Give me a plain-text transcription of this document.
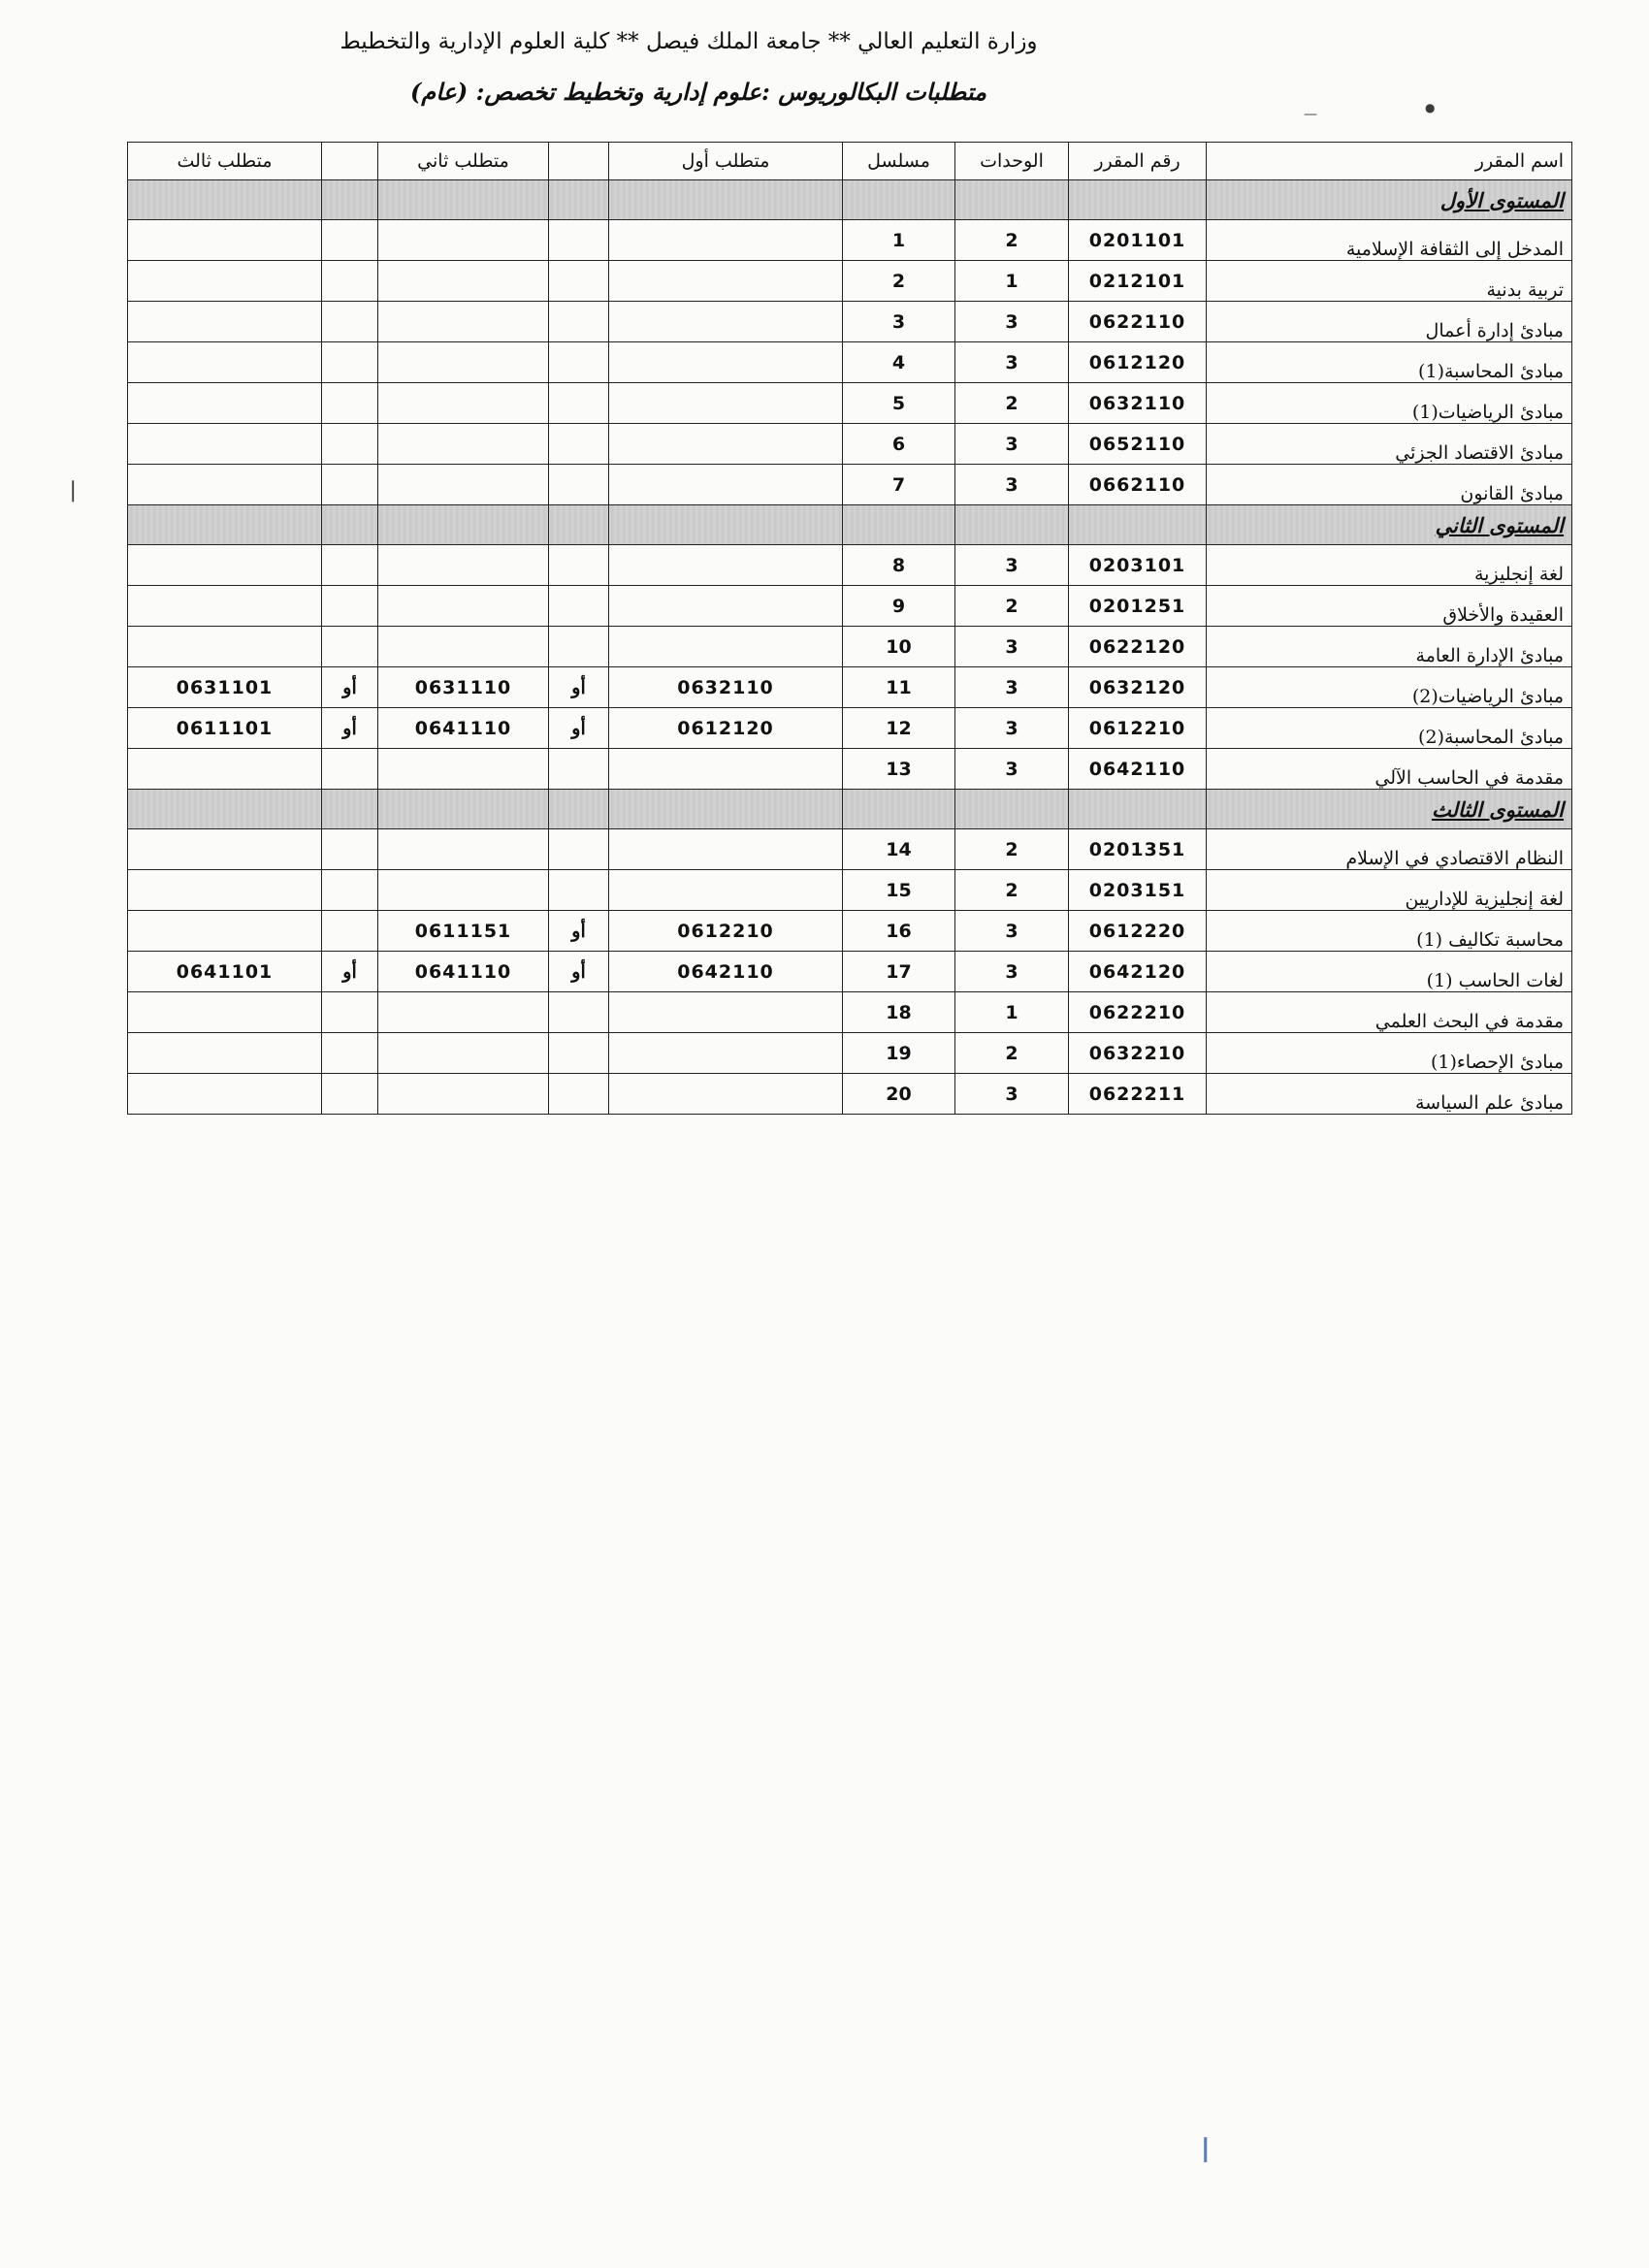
وزارة التعليم العالي ** جامعة الملك فيصل ** كلية العلوم الإدارية والتخطيط
متطلبات البكالوريوس :علوم إدارية وتخطيط تخصص: (عام)
اسم المقرر	رقم المقرر	الوحدات	مسلسل	متطلب أول		متطلب ثاني		متطلب ثالث
المستوى الأول								
المدخل إلى الثقافة الإسلامية	0201101	2	1					
تربية بدنية	0212101	1	2					
مبادئ إدارة أعمال	0622110	3	3					
مبادئ المحاسبة(1)	0612120	3	4					
مبادئ الرياضيات(1)	0632110	2	5					
مبادئ الاقتصاد الجزئي	0652110	3	6					
مبادئ القانون	0662110	3	7					
المستوى الثاني								
لغة إنجليزية	0203101	3	8					
العقيدة والأخلاق	0201251	2	9					
مبادئ الإدارة العامة	0622120	3	10					
مبادئ الرياضيات(2)	0632120	3	11	0632110	أو	0631110	أو	0631101
مبادئ المحاسبة(2)	0612210	3	12	0612120	أو	0641110	أو	0611101
مقدمة في الحاسب الآلي	0642110	3	13					
المستوى الثالث								
النظام الاقتصادي في الإسلام	0201351	2	14					
لغة إنجليزية للإداريين	0203151	2	15					
محاسبة تكاليف (1)	0612220	3	16	0612210	أو	0611151		
لغات الحاسب (1)	0642120	3	17	0642110	أو	0641110	أو	0641101
مقدمة في البحث العلمي	0622210	1	18					
مبادئ الإحصاء(1)	0632210	2	19					
مبادئ علم السياسة	0622211	3	20					
❘
—	●
ا
